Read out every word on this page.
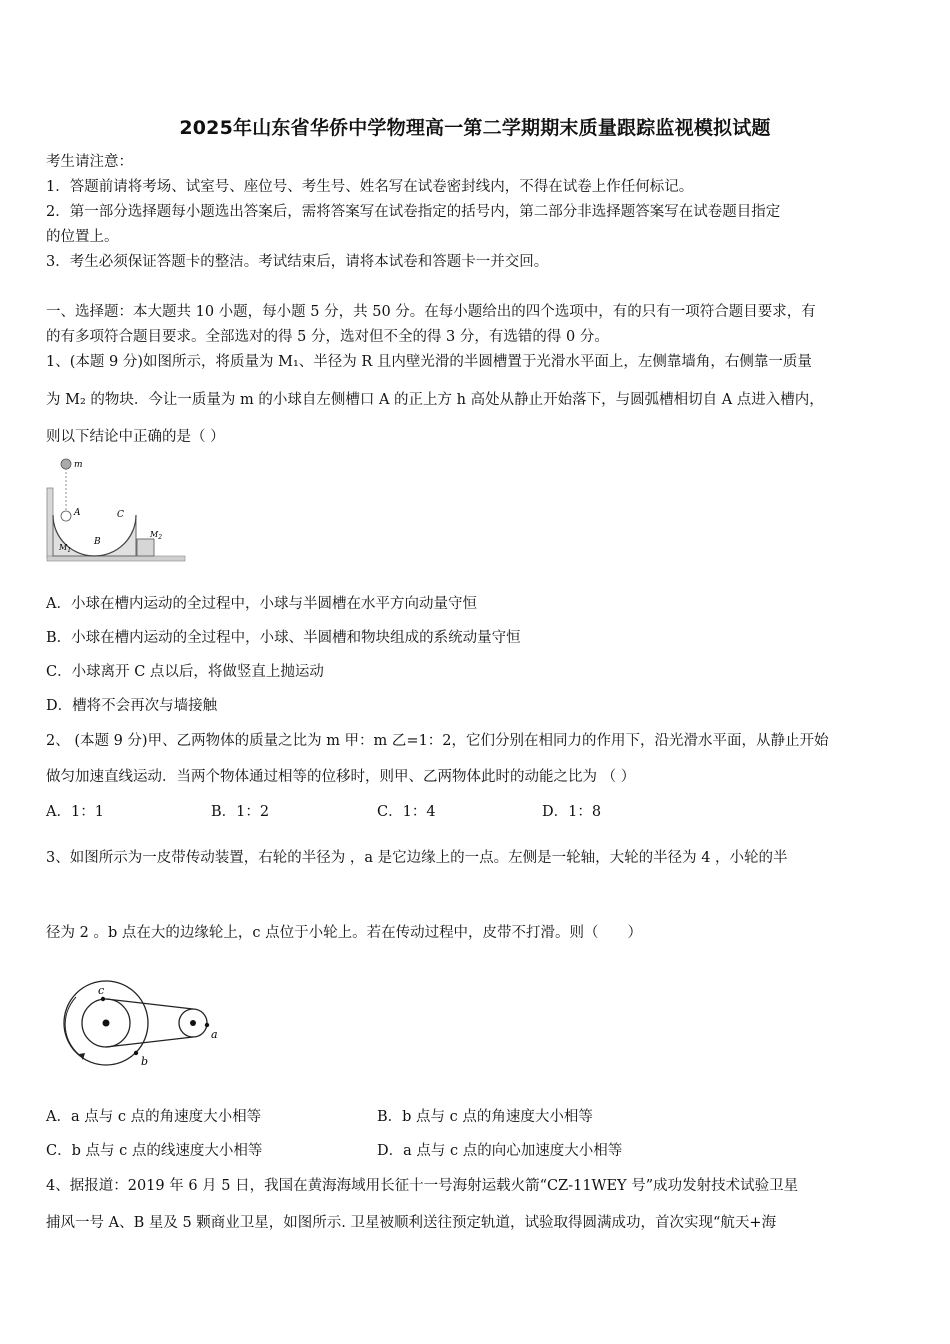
2025年山东省华侨中学物理高一第二学期期末质量跟踪监视模拟试题
考生请注意：
1．答题前请将考场、试室号、座位号、考生号、姓名写在试卷密封线内，不得在试卷上作任何标记。
2．第一部分选择题每小题选出答案后，需将答案写在试卷指定的括号内，第二部分非选择题答案写在试卷题目指定
的位置上。
3．考生必须保证答题卡的整洁。考试结束后，请将本试卷和答题卡一并交回。
一、选择题：本大题共 10 小题，每小题 5 分，共 50 分。在每小题给出的四个选项中，有的只有一项符合题目要求，有
的有多项符合题目要求。全部选对的得 5 分，选对但不全的得 3 分，有选错的得 0 分。
1、(本题 9 分)如图所示，将质量为 M₁、半径为 R 且内壁光滑的半圆槽置于光滑水平面上，左侧靠墙角，右侧靠一质量
为 M₂ 的物块．今让一质量为 m 的小球自左侧槽口 A 的正上方 h 高处从静止开始落下，与圆弧槽相切自 A 点进入槽内，
则以下结论中正确的是（ ）
m
A
B
C
$M_1$
$M_2$
A．小球在槽内运动的全过程中，小球与半圆槽在水平方向动量守恒
B．小球在槽内运动的全过程中，小球、半圆槽和物块组成的系统动量守恒
C．小球离开 C 点以后，将做竖直上抛运动
D．槽将不会再次与墙接触
2、 (本题 9 分)甲、乙两物体的质量之比为 m 甲：m 乙=1：2，它们分别在相同力的作用下，沿光滑水平面，从静止开始
做匀加速直线运动．当两个物体通过相等的位移时，则甲、乙两物体此时的动能之比为 （ ）
A．1：1	B．1：2	C．1：4	D．1：8
3、如图所示为一皮带传动装置，右轮的半径为 ，a 是它边缘上的一点。左侧是一轮轴，大轮的半径为 4 ，小轮的半
径为 2 。b 点在大的边缘轮上，c 点位于小轮上。若在传动过程中，皮带不打滑。则（　　）
c
b
a
A．a 点与 c 点的角速度大小相等	B．b 点与 c 点的角速度大小相等
C．b 点与 c 点的线速度大小相等	D．a 点与 c 点的向心加速度大小相等
4、据报道：2019 年 6 月 5 日，我国在黄海海域用长征十一号海射运载火箭“CZ-11WEY 号”成功发射技术试验卫星
捕风一号 A、B 星及 5 颗商业卫星，如图所示. 卫星被顺利送往预定轨道，试验取得圆满成功，首次实现“航天+海
